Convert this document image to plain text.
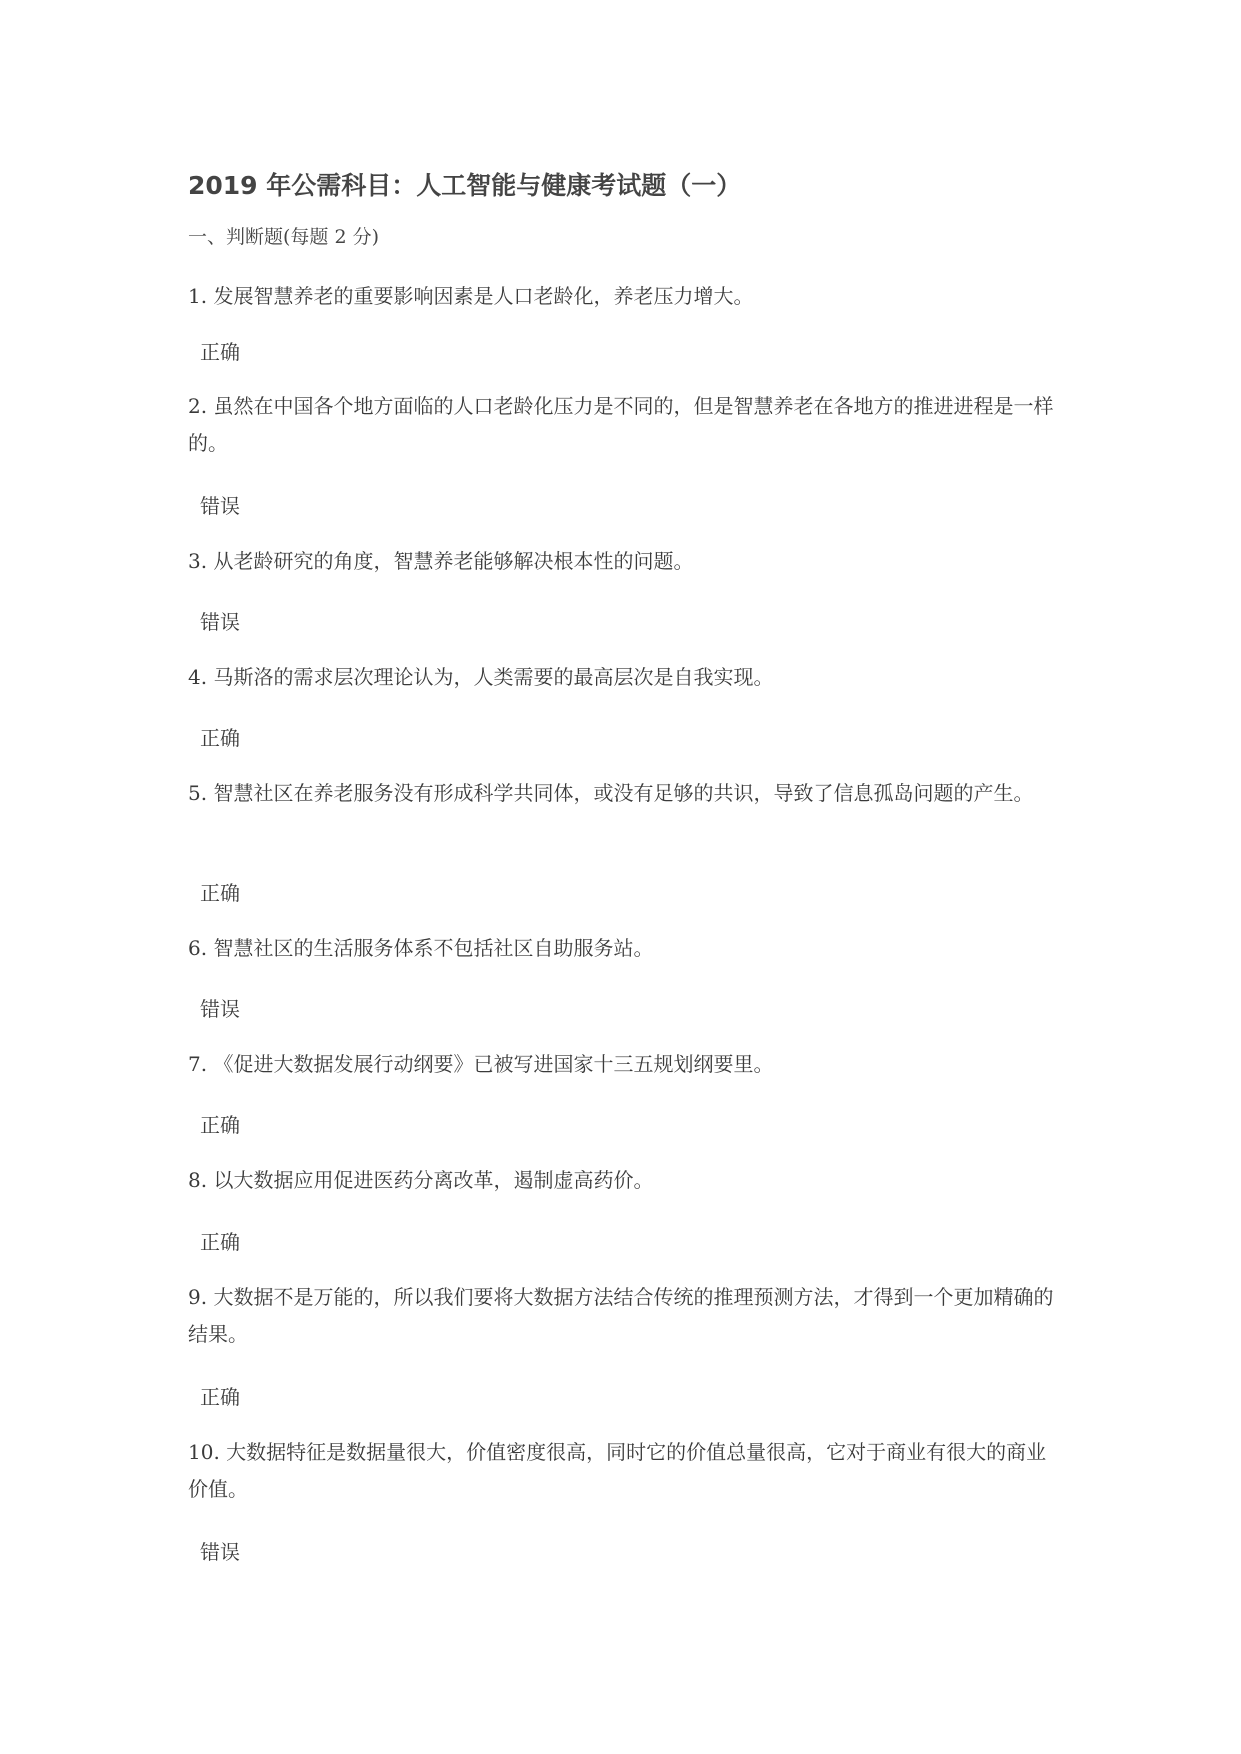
2019 年公需科目：人工智能与健康考试题（一）
一、判断题(每题 2 分)
1. 发展智慧养老的重要影响因素是人口老龄化，养老压力增大。
正确
2. 虽然在中国各个地方面临的人口老龄化压力是不同的，但是智慧养老在各地方的推进进程是一样的。
错误
3. 从老龄研究的角度，智慧养老能够解决根本性的问题。
错误
4. 马斯洛的需求层次理论认为，人类需要的最高层次是自我实现。
正确
5. 智慧社区在养老服务没有形成科学共同体，或没有足够的共识，导致了信息孤岛问题的产生。
正确
6. 智慧社区的生活服务体系不包括社区自助服务站。
错误
7. 《促进大数据发展行动纲要》已被写进国家十三五规划纲要里。
正确
8. 以大数据应用促进医药分离改革，遏制虚高药价。
正确
9. 大数据不是万能的，所以我们要将大数据方法结合传统的推理预测方法，才得到一个更加精确的结果。
正确
10. 大数据特征是数据量很大，价值密度很高，同时它的价值总量很高，它对于商业有很大的商业价值。
错误
